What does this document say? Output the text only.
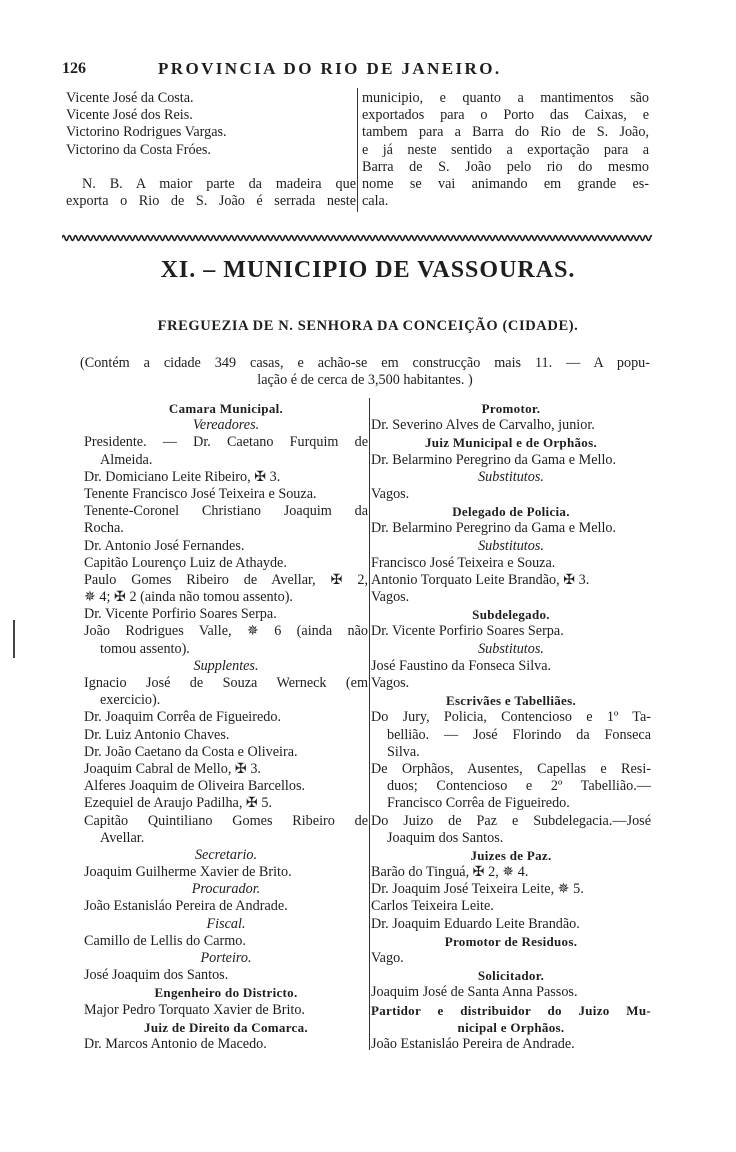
126	PROVINCIA DO RIO DE JANEIRO.
Vicente José da Costa.
Vicente José dos Reis.
Victorino Rodrigues Vargas.
Victorino da Costa Fróes.
N. B. A maior parte da madeira que
exporta o Rio de S. João é serrada neste
municipio, e quanto a mantimentos são
exportados para o Porto das Caixas, e
tambem para a Barra do Rio de S. João,
e já neste sentido a exportação para a
Barra de S. João pelo rio do mesmo
nome se vai animando em grande es-
cala.
XI. – MUNICIPIO DE VASSOURAS.
FREGUEZIA DE N. SENHORA DA CONCEIÇÃO (CIDADE).
(Contém a cidade 349 casas, e achão-se em construcção mais 11. — A popu-
lação é de cerca de 3,500 habitantes. )
Camara Municipal.
Vereadores.
Presidente. — Dr. Caetano Furquim de
Almeida.
Dr. Domiciano Leite Ribeiro, ✠ 3.
Tenente Francisco José Teixeira e Souza.
Tenente-Coronel Christiano Joaquim da
Rocha.
Dr. Antonio José Fernandes.
Capitão Lourenço Luiz de Athayde.
Paulo Gomes Ribeiro de Avellar, ✠ 2,
✵ 4; ✠ 2 (ainda não tomou assento).
Dr. Vicente Porfirio Soares Serpa.
João Rodrigues Valle, ✵ 6 (ainda não
tomou assento).
Supplentes.
Ignacio José de Souza Werneck (em
exercicio).
Dr. Joaquim Corrêa de Figueiredo.
Dr. Luiz Antonio Chaves.
Dr. João Caetano da Costa e Oliveira.
Joaquim Cabral de Mello, ✠ 3.
Alferes Joaquim de Oliveira Barcellos.
Ezequiel de Araujo Padilha, ✠ 5.
Capitão Quintiliano Gomes Ribeiro de
Avellar.
Secretario.
Joaquim Guilherme Xavier de Brito.
Procurador.
João Estanisláo Pereira de Andrade.
Fiscal.
Camillo de Lellis do Carmo.
Porteiro.
José Joaquim dos Santos.
Engenheiro do Districto.
Major Pedro Torquato Xavier de Brito.
Juiz de Direito da Comarca.
Dr. Marcos Antonio de Macedo.
Promotor.
Dr. Severino Alves de Carvalho, junior.
Juiz Municipal e de Orphãos.
Dr. Belarmino Peregrino da Gama e Mello.
Substitutos.
Vagos.
Delegado de Policia.
Dr. Belarmino Peregrino da Gama e Mello.
Substitutos.
Francisco José Teixeira e Souza.
Antonio Torquato Leite Brandão, ✠ 3.
Vagos.
Subdelegado.
Dr. Vicente Porfirio Soares Serpa.
Substitutos.
José Faustino da Fonseca Silva.
Vagos.
Escrivães e Tabelliães.
Do Jury, Policia, Contencioso e 1º Ta-
bellião. — José Florindo da Fonseca
Silva.
De Orphãos, Ausentes, Capellas e Resi-
duos; Contencioso e 2º Tabellião.—
Francisco Corrêa de Figueiredo.
Do Juizo de Paz e Subdelegacia.—José
Joaquim dos Santos.
Juizes de Paz.
Barão do Tinguá, ✠ 2, ✵ 4.
Dr. Joaquim José Teixeira Leite, ✵ 5.
Carlos Teixeira Leite.
Dr. Joaquim Eduardo Leite Brandão.
Promotor de Residuos.
Vago.
Solicitador.
Joaquim José de Santa Anna Passos.
Partidor e distribuidor do Juizo Mu-
nicipal e Orphãos.
João Estanisláo Pereira de Andrade.
